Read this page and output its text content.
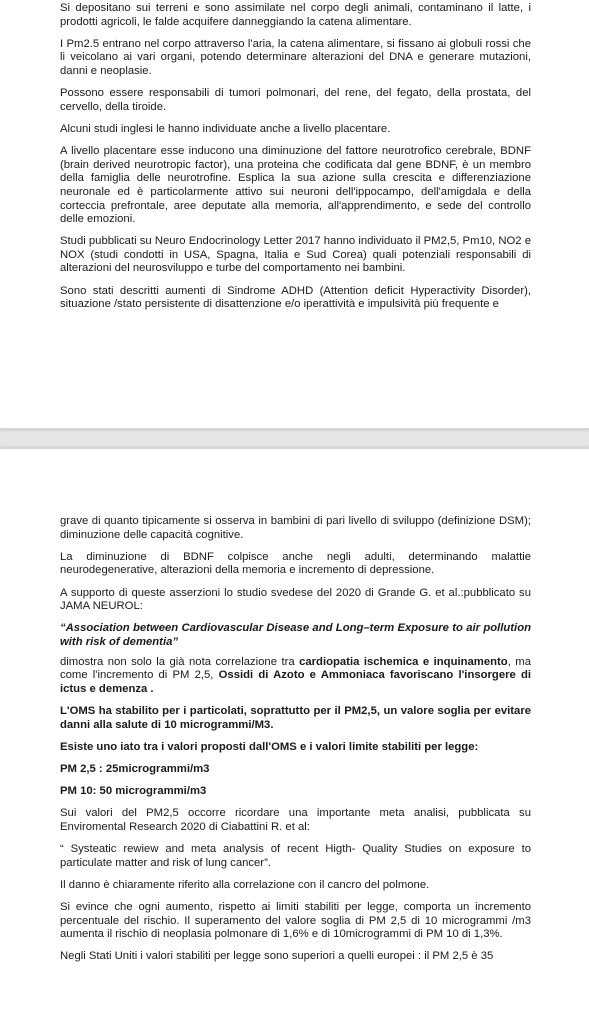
Si depositano sui terreni e sono assimilate nel corpo degli animali, contaminano il latte, i prodotti agricoli, le falde acquifere danneggiando la catena alimentare.

I Pm2.5 entrano nel corpo attraverso l'aria, la catena alimentare, si fissano ai globuli rossi che li veicolano ai vari organi, potendo determinare alterazioni del DNA e generare mutazioni, danni e neoplasie.

Possono essere responsabili di tumori polmonari, del rene, del fegato, della prostata, del cervello, della tiroide.

Alcuni studi inglesi le hanno individuate anche a livello placentare.

A livello placentare esse inducono una diminuzione del fattore neurotrofico cerebrale, BDNF (brain derived neurotropic factor), una proteina che codificata dal gene BDNF, è un membro della famiglia delle neurotrofine. Esplica la sua azione sulla crescita e differenziazione neuronale ed è particolarmente attivo sui neuroni dell'ippocampo, dell'amigdala e della corteccia prefrontale, aree deputate alla memoria, all'apprendimento, e sede del controllo delle emozioni.

Studi pubblicati su Neuro Endocrinology Letter 2017 hanno individuato il PM2,5, Pm10, NO2 e NOX (studi condotti in USA, Spagna, Italia e Sud Corea) quali potenziali responsabili di alterazioni del neurosviluppo e turbe del comportamento nei bambini.

Sono stati descritti aumenti di Sindrome ADHD (Attention deficit Hyperactivity Disorder), situazione /stato persistente di disattenzione e/o iperattività e impulsività più frequente e

grave di quanto tipicamente si osserva in bambini di pari livello di sviluppo (definizione DSM); diminuzione delle capacità cognitive.

La diminuzione di BDNF colpisce anche negli adulti, determinando malattie neurodegenerative, alterazioni della memoria e incremento di depressione.

A supporto di queste asserzioni lo studio svedese del 2020 di Grande G. et al.:pubblicato su JAMA NEUROL:

“Association between Cardiovascular Disease and Long–term Exposure to air pollution with risk of dementia”

dimostra non solo la già nota correlazione tra cardiopatia ischemica e inquinamento, ma come l'incremento di PM 2,5, Ossidi di Azoto e Ammoniaca favoriscano l'insorgere di ictus e demenza .

L'OMS ha stabilito per i particolati, soprattutto per il PM2,5, un valore soglia per evitare danni alla salute di 10 microgrammi/M3.

Esiste uno iato tra i valori proposti dall'OMS e i valori limite stabiliti per legge:

PM 2,5 : 25microgrammi/m3

PM 10: 50 microgrammi/m3

Sui valori del PM2,5 occorre ricordare una importante meta analisi, pubblicata su Enviromental Research 2020 di Ciabattini R. et al:

“ Systeatic rewiew and meta analysis of recent Higth- Quality Studies on exposure to particulate matter and risk of lung cancer”.

Il danno è chiaramente riferito alla correlazione con il cancro del polmone.

Si evince che ogni aumento, rispetto ai limiti stabiliti per legge, comporta un incremento percentuale del rischio. Il superamento del valore soglia di PM 2,5 di 10 microgrammi /m3 aumenta il rischio di neoplasia polmonare di 1,6% e di 10microgrammi di PM 10 di 1,3%.

Negli Stati Uniti i valori stabiliti per legge sono superiori a quelli europei : il PM 2,5 è 35
